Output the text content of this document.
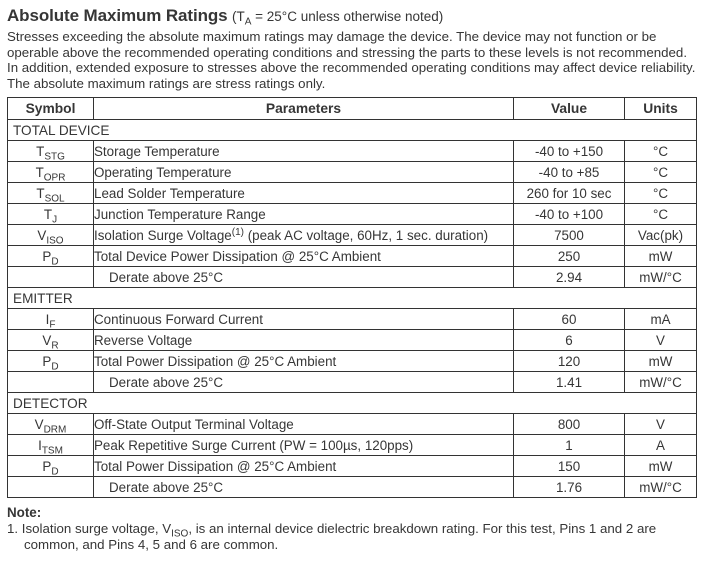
Absolute Maximum Ratings ($T_A = 25^\circ C$ unless otherwise noted)
Stresses exceeding the absolute maximum ratings may damage the device. The device may not function or be
operable above the recommended operating conditions and stressing the parts to these levels is not recommended.
In addition, extended exposure to stresses above the recommended operating conditions may affect device reliability.
The absolute maximum ratings are stress ratings only.
Symbol	Parameters	Value	Units
TOTAL DEVICE			
$T_{STG}$	Storage Temperature	-40 to +150	°C
$T_{OPR}$	Operating Temperature	-40 to +85	°C
$T_{SOL}$	Lead Solder Temperature	260 for 10 sec	°C
$T_J$	Junction Temperature Range	-40 to +100	°C
$V_{ISO}$	Isolation Surge Voltage$^{(1)}$ (peak AC voltage, 60Hz, 1 sec. duration)	7500	Vac(pk)
$P_D$	Total Device Power Dissipation @ 25°C Ambient	250	mW
	Derate above 25°C	2.94	mW/°C
EMITTER			
$I_F$	Continuous Forward Current	60	mA
$V_R$	Reverse Voltage	6	V
$P_D$	Total Power Dissipation @ 25°C Ambient	120	mW
	Derate above 25°C	1.41	mW/°C
DETECTOR			
$V_{DRM}$	Off-State Output Terminal Voltage	800	V
$I_{TSM}$	Peak Repetitive Surge Current (PW = 100µs, 120pps)	1	A
$P_D$	Total Power Dissipation @ 25°C Ambient	150	mW
	Derate above 25°C	1.76	mW/°C
Note:
1. Isolation surge voltage, $V_{ISO}$, is an internal device dielectric breakdown rating. For this test, Pins 1 and 2 are
common, and Pins 4, 5 and 6 are common.
